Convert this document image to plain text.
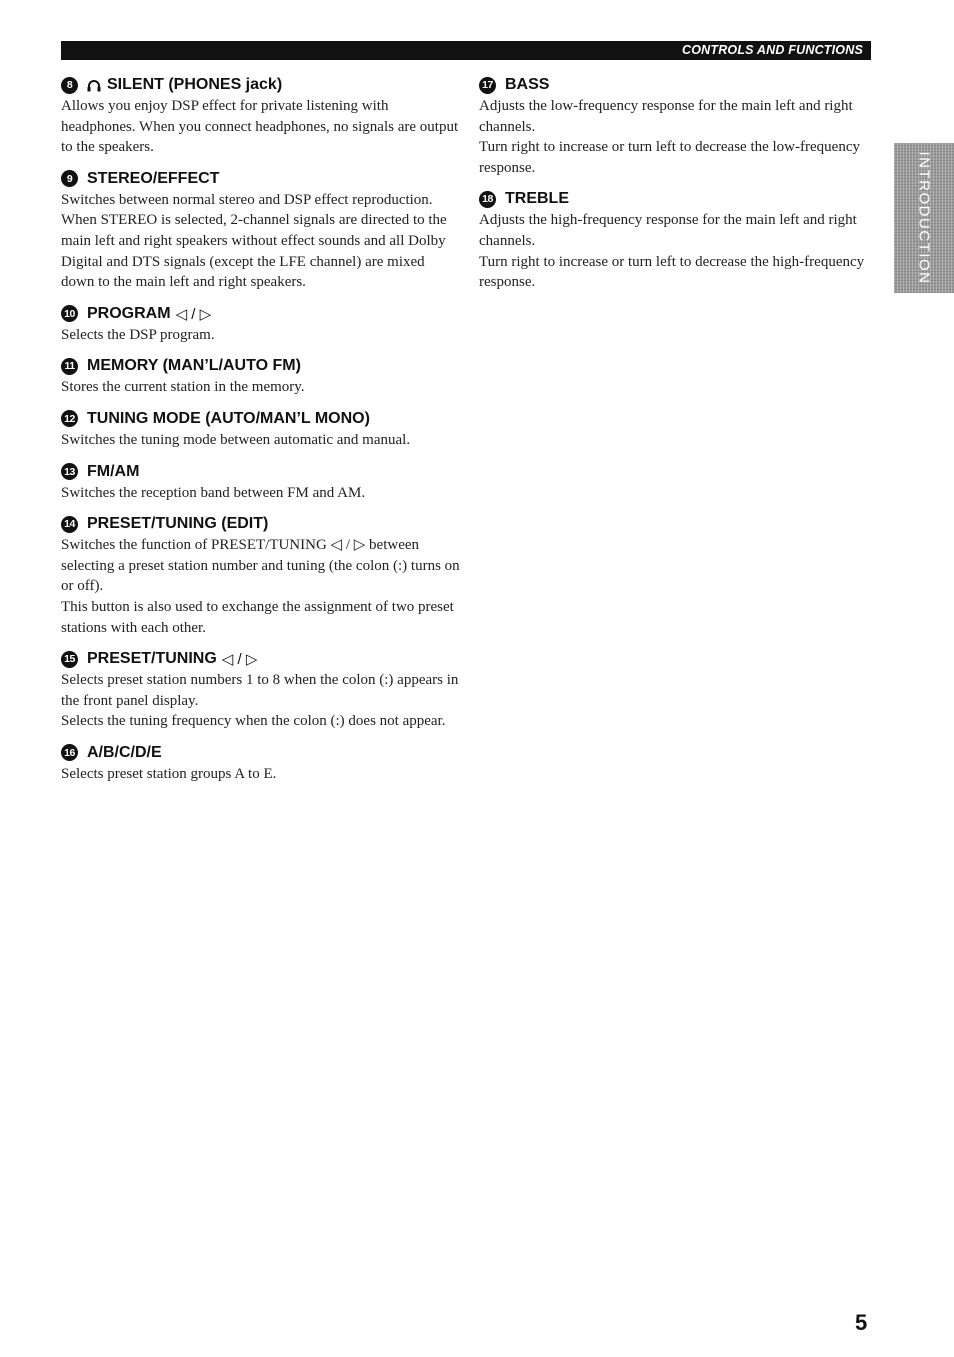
CONTROLS AND FUNCTIONS
INTRODUCTION
8	SILENT (PHONES jack)

Allows you enjoy DSP effect for private listening with headphones. When you connect headphones, no signals are output to the speakers.

9 STEREO/EFFECT

Switches between normal stereo and DSP effect reproduction. When STEREO is selected, 2-channel signals are directed to the main left and right speakers without effect sounds and all Dolby Digital and DTS signals (except the LFE channel) are mixed down to the main left and right speakers.

10 PROGRAM ◁ / ▷

Selects the DSP program.

11 MEMORY (MAN’L/AUTO FM)

Stores the current station in the memory.

12 TUNING MODE (AUTO/MAN’L MONO)

Switches the tuning mode between automatic and manual.

13 FM/AM

Switches the reception band between FM and AM.

14 PRESET/TUNING (EDIT)

Switches the function of PRESET/TUNING ◁ / ▷ between selecting a preset station number and tuning (the colon (:) turns on or off).

This button is also used to exchange the assignment of two preset stations with each other.

15 PRESET/TUNING ◁ / ▷

Selects preset station numbers 1 to 8 when the colon (:) appears in the front panel display.

Selects the tuning frequency when the colon (:) does not appear.

16 A/B/C/D/E

Selects preset station groups A to E.

17 BASS

Adjusts the low-frequency response for the main left and right channels.

Turn right to increase or turn left to decrease the low-frequency response.

18 TREBLE

Adjusts the high-frequency response for the main left and right channels.

Turn right to increase or turn left to decrease the high-frequency response.

5
